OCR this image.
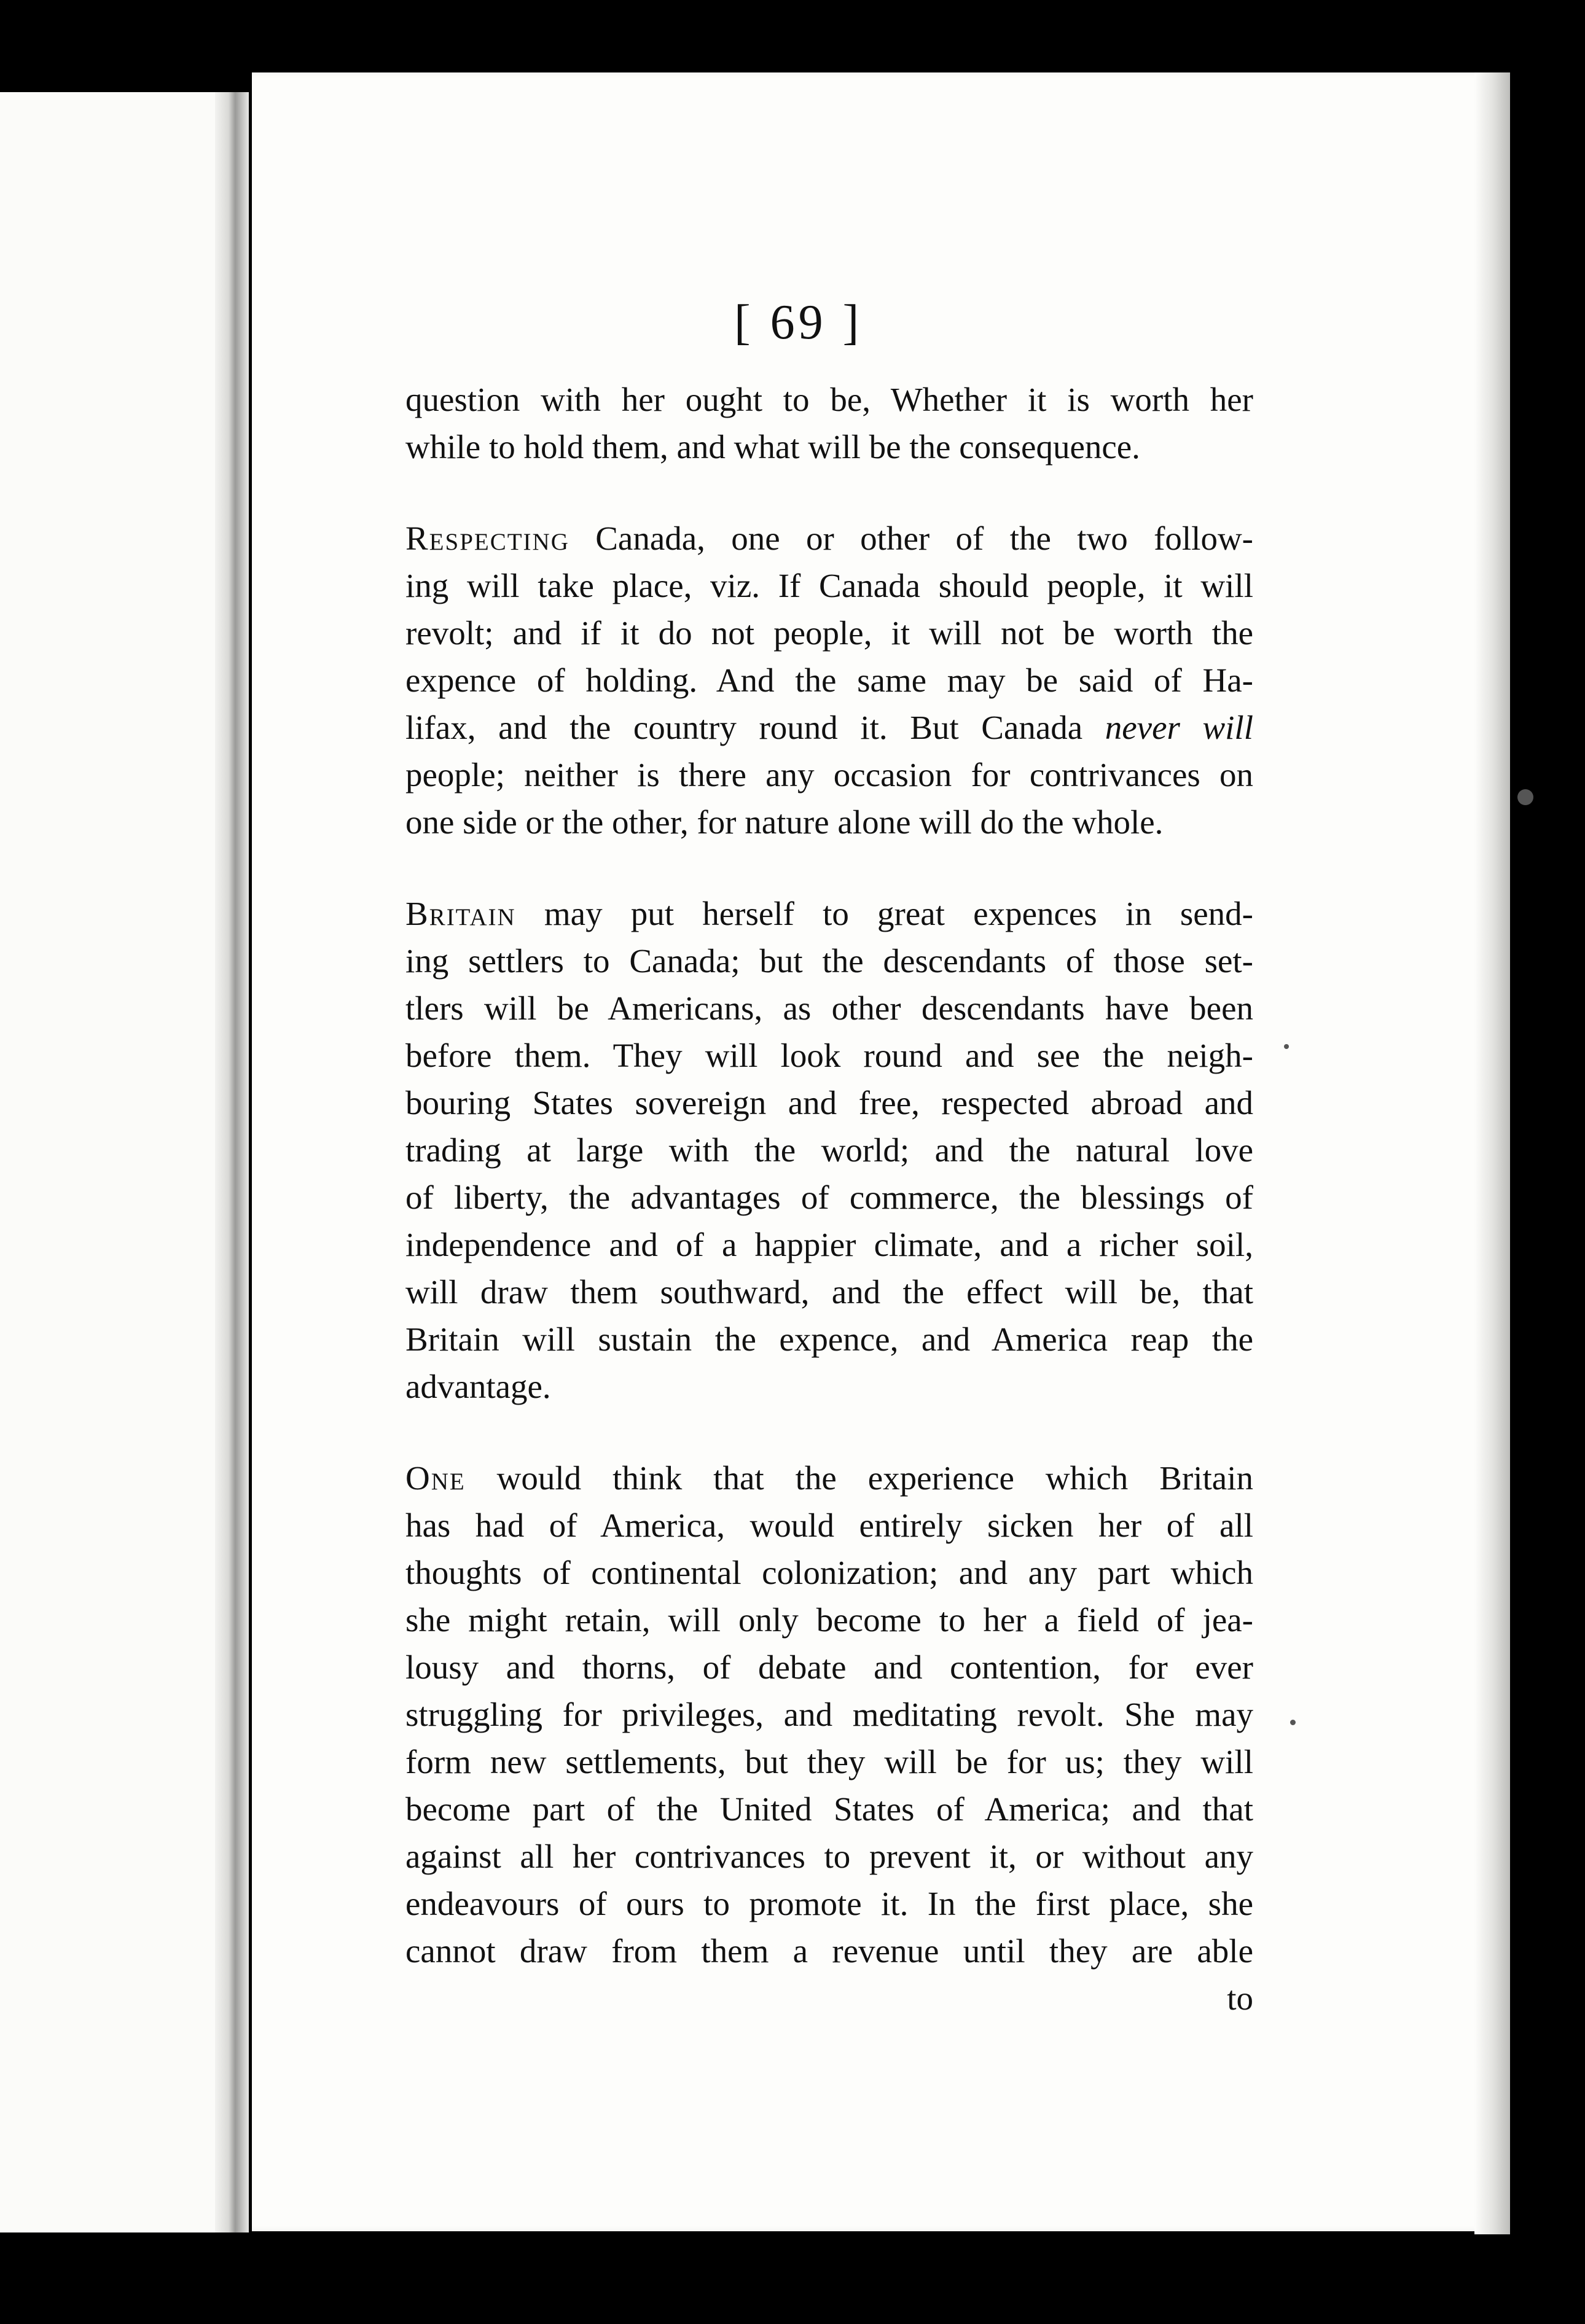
[ 69 ]
question with her ought to be, Whether it is worth her
while to hold them, and what will be the consequence.
Respecting Canada, one or other of the two follow-
ing will take place, viz. If Canada should people, it will
revolt; and if it do not people, it will not be worth the
expence of holding. And the same may be said of Ha-
lifax, and the country round it. But Canada never will
people; neither is there any occasion for contrivances on
one side or the other, for nature alone will do the whole.
Britain may put herself to great expences in send-
ing settlers to Canada; but the descendants of those set-
tlers will be Americans, as other descendants have been
before them. They will look round and see the neigh-
bouring States sovereign and free, respected abroad and
trading at large with the world; and the natural love
of liberty, the advantages of commerce, the blessings of
independence and of a happier climate, and a richer soil,
will draw them southward, and the effect will be, that
Britain will sustain the expence, and America reap the
advantage.
One would think that the experience which Britain
has had of America, would entirely sicken her of all
thoughts of continental colonization; and any part which
she might retain, will only become to her a field of jea-
lousy and thorns, of debate and contention, for ever
struggling for privileges, and meditating revolt. She may
form new settlements, but they will be for us; they will
become part of the United States of America; and that
against all her contrivances to prevent it, or without any
endeavours of ours to promote it. In the first place, she
cannot draw from them a revenue until they are able
to
